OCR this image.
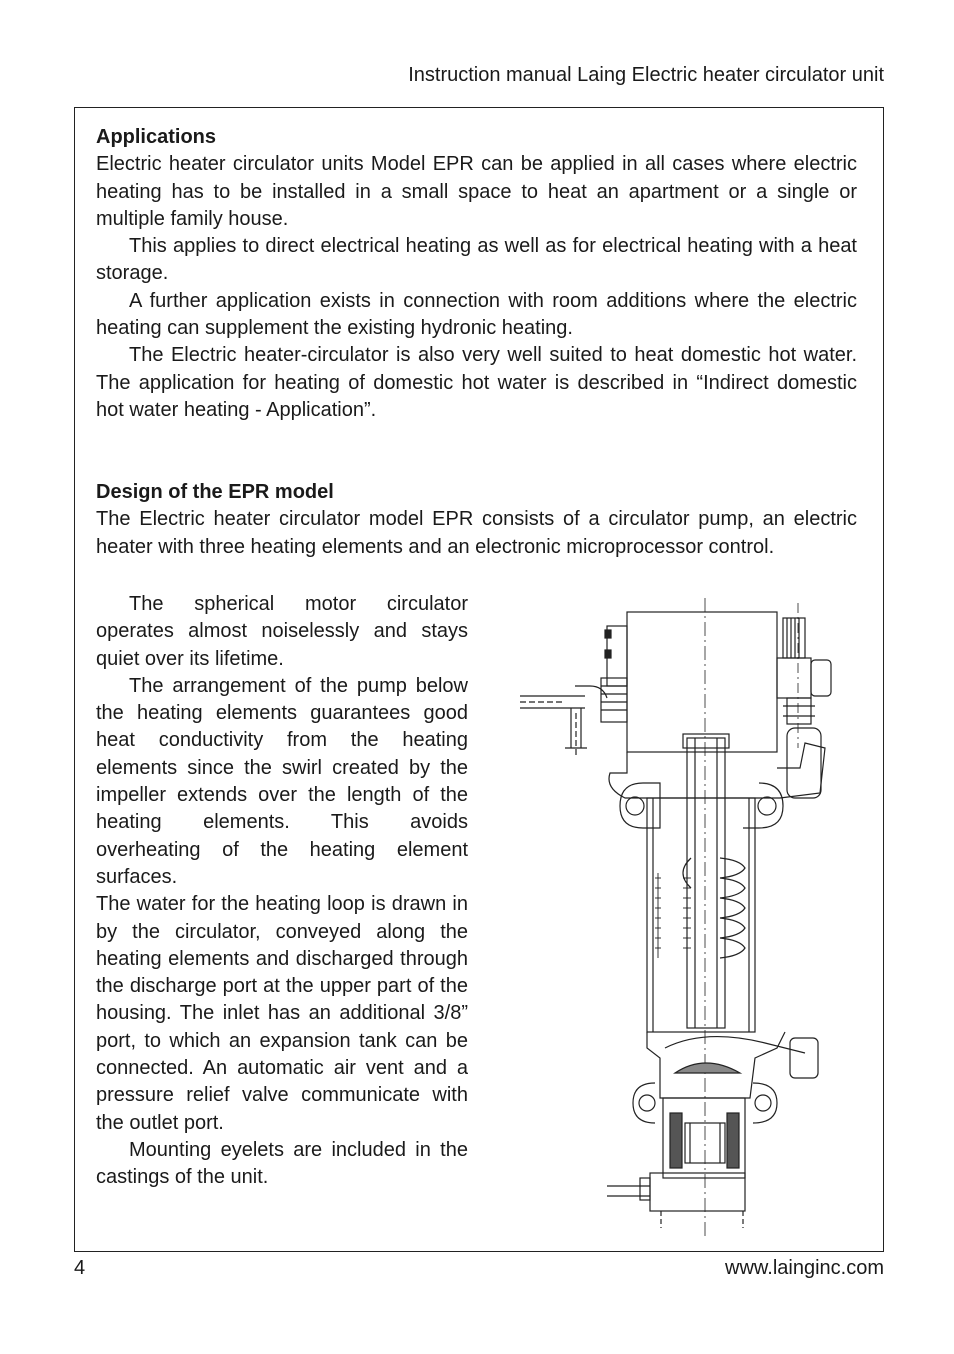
Instruction manual Laing Electric heater circulator unit
Applications

Electric heater circulator units Model EPR can be applied in all cases where electric heating has to be installed in a small space to heat an apartment or a single or multiple family house.

This applies to direct electrical heating as well as for electrical heating with a heat storage.

A further application exists in connection with room additions where the electric heating can supplement the existing hydronic heating.

The Electric heater-circulator is also very well suited to heat domestic hot water. The application for heating of domestic hot water is described in “Indirect domestic hot water heating - Application”.

Design of the EPR model

The Electric heater circulator model EPR consists of a circulator pump, an electric heater with three heating elements and an electronic microprocessor control.

The spherical motor circulator operates almost noiselessly and stays quiet over its lifetime.

The arrangement of the pump below the heating elements guarantees good heat conductivity from the heating elements since the swirl created by the impeller extends over the length of the heating elements. This avoids overheating of the heating element surfaces.

The water for the heating loop is drawn in by the circulator, conveyed along the heating elements and discharged through the discharge port at the upper part of the housing. The inlet has an additional 3/8” port, to which an expansion tank can be connected. An automatic air vent and a pressure relief valve communicate with the outlet port.

Mounting eyelets are included in the castings of the unit.

4	www.lainginc.com
